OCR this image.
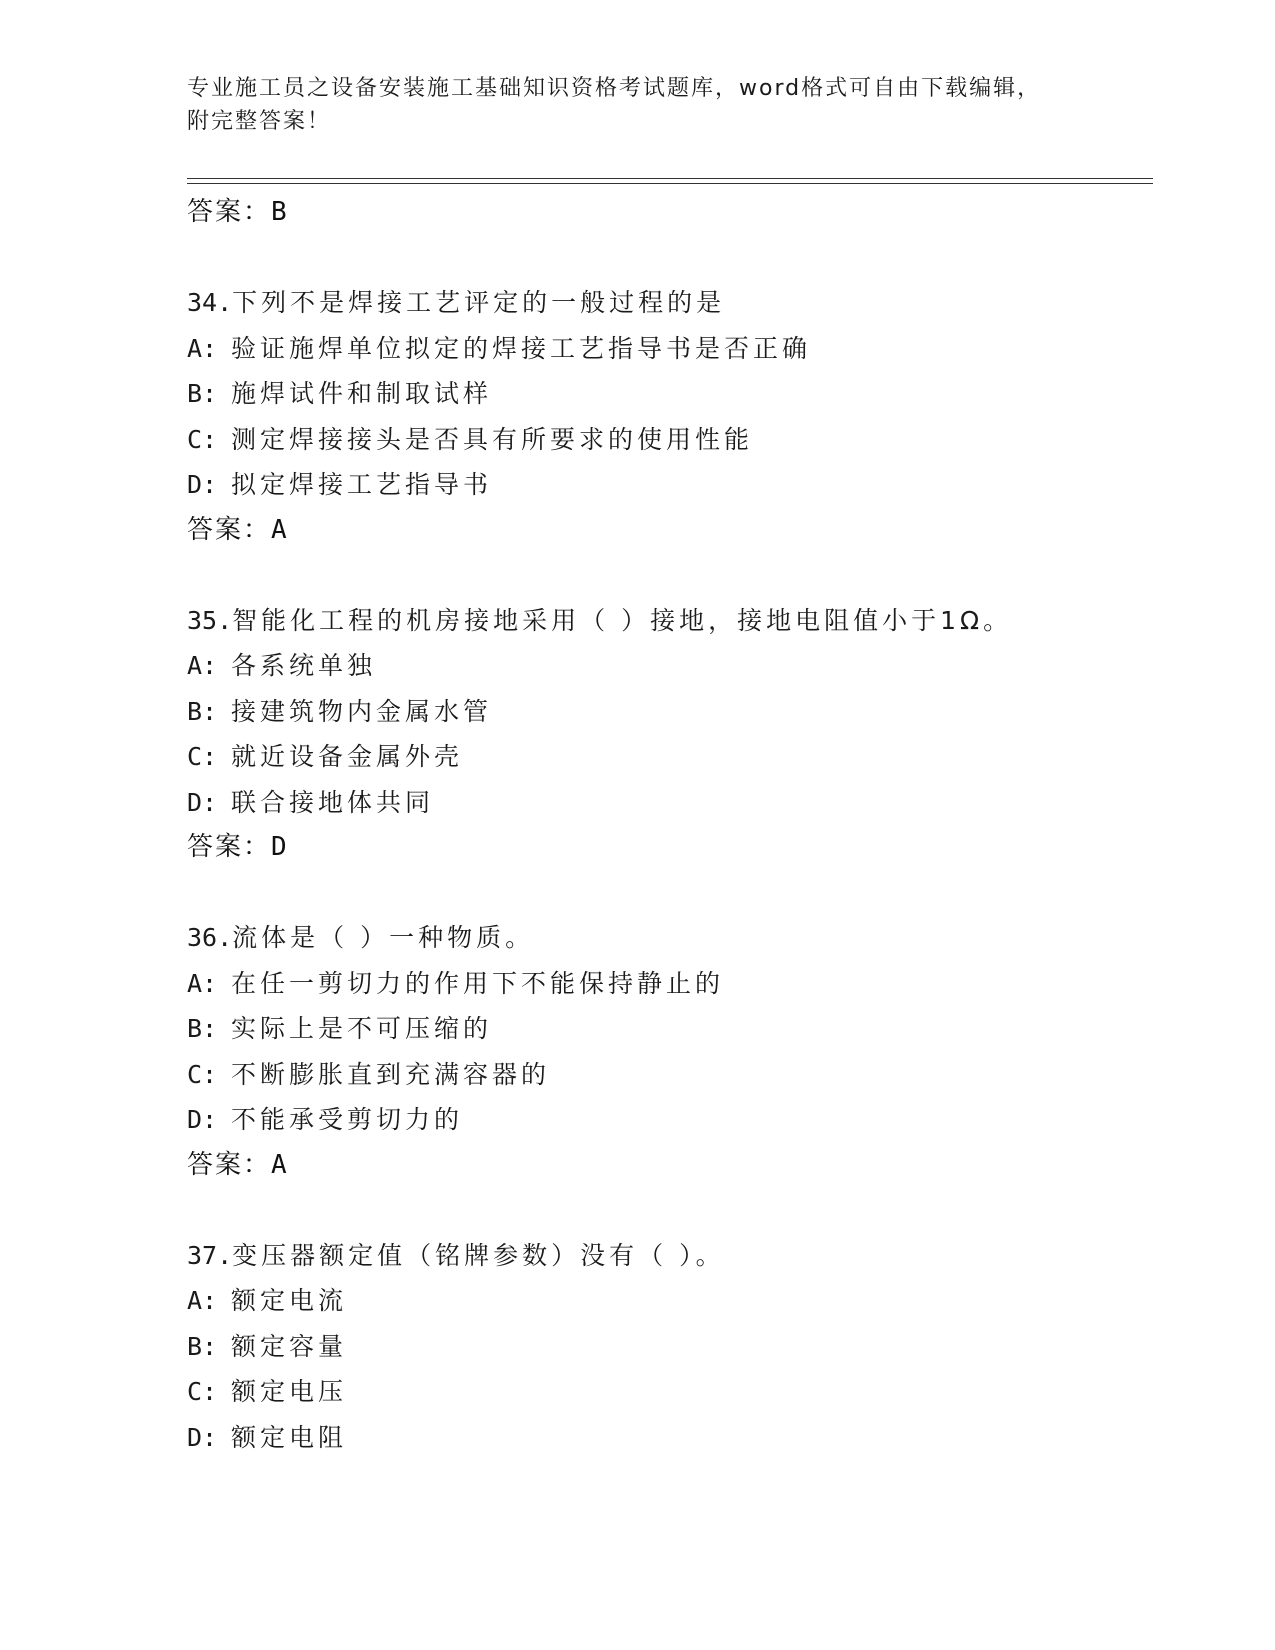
专业施工员之设备安装施工基础知识资格考试题库，word格式可自由下载编辑，
附完整答案！
答案：B
34.下列不是焊接工艺评定的一般过程的是
A: 验证施焊单位拟定的焊接工艺指导书是否正确
B: 施焊试件和制取试样
C: 测定焊接接头是否具有所要求的使用性能
D: 拟定焊接工艺指导书
答案：A
35.智能化工程的机房接地采用（ ）接地，接地电阻值小于1Ω。
A: 各系统单独
B: 接建筑物内金属水管
C: 就近设备金属外壳
D: 联合接地体共同
答案：D
36.流体是（ ）一种物质。
A: 在任一剪切力的作用下不能保持静止的
B: 实际上是不可压缩的
C: 不断膨胀直到充满容器的
D: 不能承受剪切力的
答案：A
37.变压器额定值（铭牌参数）没有（ ）。
A: 额定电流
B: 额定容量
C: 额定电压
D: 额定电阻
